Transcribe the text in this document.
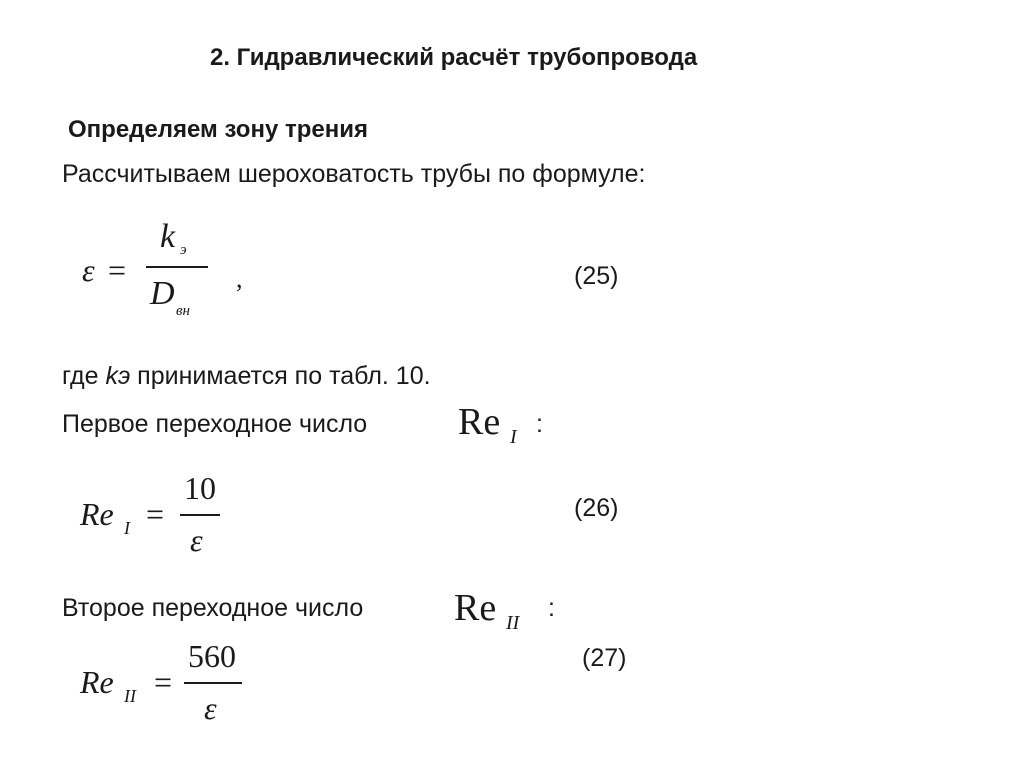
2. Гидравлический расчёт трубопровода
Определяем зону трения
Рассчитываем шероховатость трубы по формуле:
ε =
k э
D вн
,	(25)
где kэ принимается по табл. 10.
Первое переходное число Re I :
Re I =
10
ε
(26)
Второе переходное число Re II
:
Re II =
560
ε
(27)
